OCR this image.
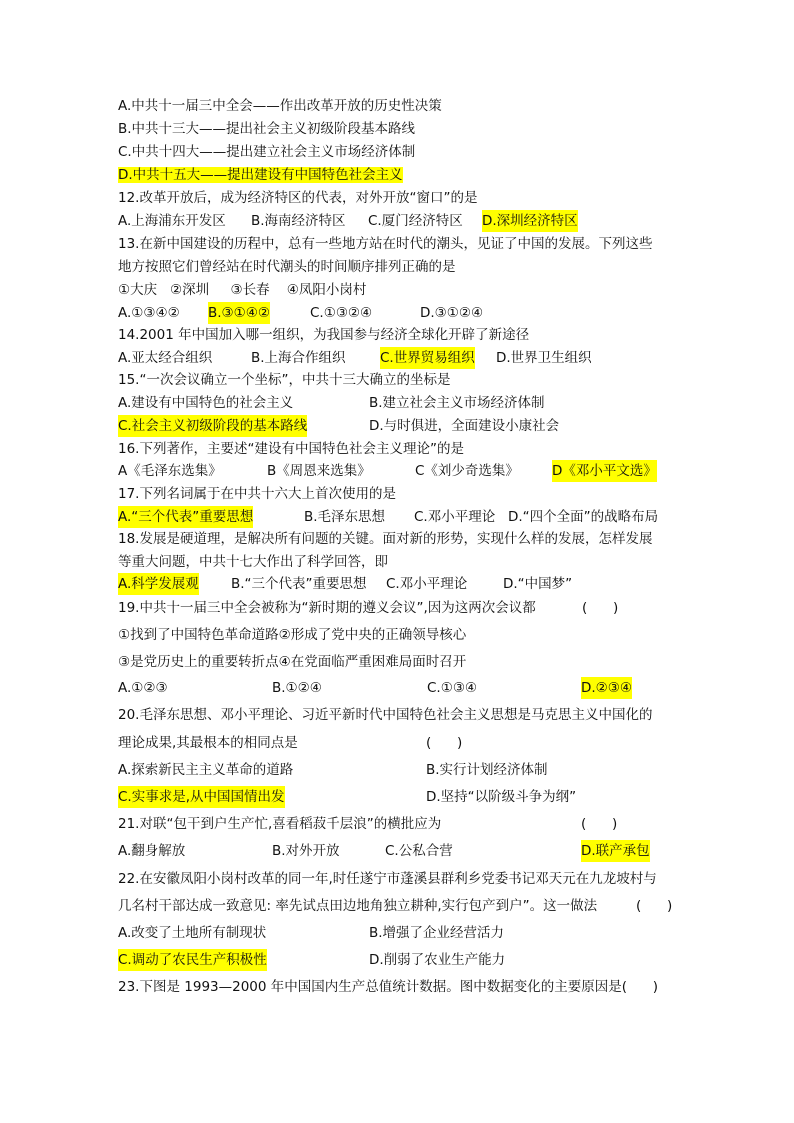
A.中共十一届三中全会——作出改革开放的历史性决策
B.中共十三大——提出社会主义初级阶段基本路线
C.中共十四大——提出建立社会主义市场经济体制
D.中共十五大——提出建设有中国特色社会主义
12.改革开放后，成为经济特区的代表，对外开放“窗口”的是
A.上海浦东开发区 B.海南经济特区 C.厦门经济特区 D.深圳经济特区
13.在新中国建设的历程中，总有一些地方站在时代的潮头，见证了中国的发展。下列这些
地方按照它们曾经站在时代潮头的时间顺序排列正确的是
①大庆   ②深圳     ③长春    ④凤阳小岗村
A.①③④② B.③①④②	C.①③②④	D.③①②④
14.2001 年中国加入哪一组织，为我国参与经济全球化开辟了新途径
A.亚太经合组织	B.上海合作组织	C.世界贸易组织 D.世界卫生组织
15.“一次会议确立一个坐标”，中共十三大确立的坐标是
A.建设有中国特色的社会主义	B.建立社会主义市场经济体制
C.社会主义初级阶段的基本路线	D.与时俱进，全面建设小康社会
16.下列著作，主要述“建设有中国特色社会主义理论”的是
A《毛泽东选集》	B《周恩来选集》	C《刘少奇选集》 D《邓小平文选》
17.下列名词属于在中共十六大上首次使用的是
A.“三个代表”重要思想	B.毛泽东思想 C.邓小平理论 D.“四个全面”的战略布局
18.发展是硬道理，是解决所有问题的关键。面对新的形势，实现什么样的发展，怎样发展
等重大问题，中共十七大作出了科学回答，即
A.科学发展观 B.“三个代表”重要思想 C.邓小平理论	D.“中国梦”
19.中共十一届三中全会被称为“新时期的遵义会议”,因为这两次会议都	(      )
①找到了中国特色革命道路②形成了党中央的正确领导核心
③是党历史上的重要转折点④在党面临严重困难局面时召开
A.①②③	B.①②④	C.①③④	D.②③④
20.毛泽东思想、邓小平理论、习近平新时代中国特色社会主义思想是马克思主义中国化的
理论成果,其最根本的相同点是	(      )
A.探索新民主主义革命的道路	B.实行计划经济体制
C.实事求是,从中国国情出发	D.坚持“以阶级斗争为纲”
21.对联“包干到户生产忙,喜看稻菽千层浪”的横批应为	(      )
A.翻身解放	B.对外开放	C.公私合营	D.联产承包
22.在安徽凤阳小岗村改革的同一年,时任遂宁市蓬溪县群利乡党委书记邓天元在九龙坡村与
几名村干部达成一致意见: 率先试点田边地角独立耕种,实行包产到户”。这一做法	(      )
A.改变了土地所有制现状	B.增强了企业经营活力
C.调动了农民生产积极性	D.削弱了农业生产能力
23.下图是 1993—2000 年中国国内生产总值统计数据。图中数据变化的主要原因是(      )
